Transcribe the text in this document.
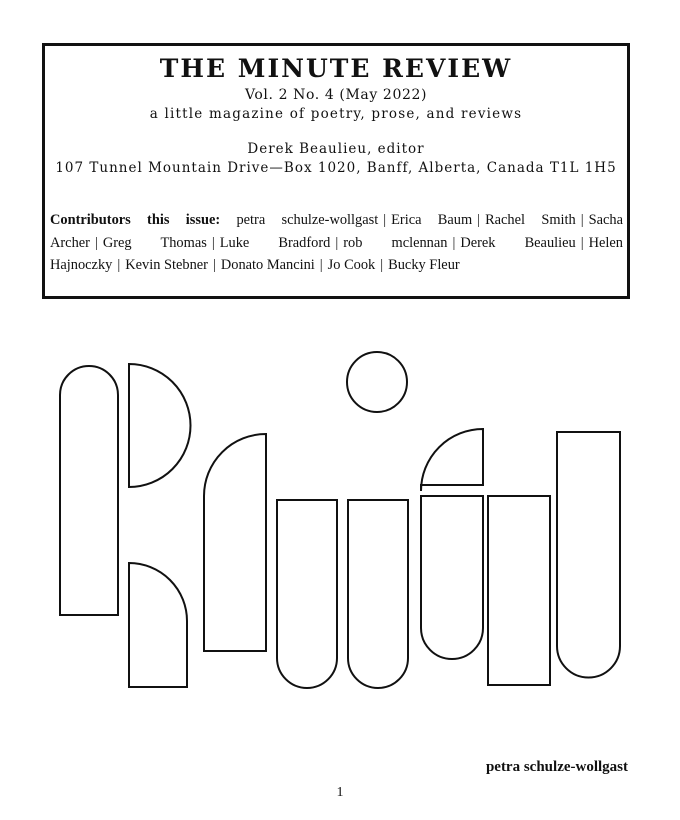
THE MINUTE REVIEW
Vol. 2 No. 4 (May 2022)
a little magazine of poetry, prose, and reviews
Derek Beaulieu, editor
107 Tunnel Mountain Drive—Box 1020, Banff, Alberta, Canada T1L 1H5
Contributors this issue: petra schulze-wollgast | Erica Baum | Rachel Smith | Sacha Archer | Greg Thomas | Luke Bradford | rob mclennan | Derek Beaulieu | Helen Hajnoczky | Kevin Stebner | Donato Mancini | Jo Cook | Bucky Fleur
petra schulze-wollgast
1
